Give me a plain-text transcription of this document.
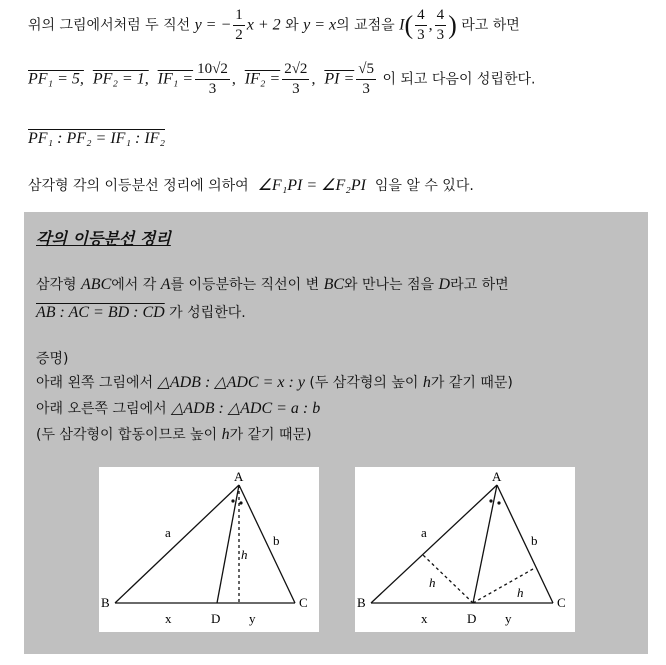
위의 그림에서처럼 두 직선 y = − $\frac{1}{2}$ x + 2 와 y = x의 교점을 $I( \frac{4}{3}$ , $\frac{4}{3}$ ) 라고 하면
PF₁ = 5, PF₂ = 1, $IF_1 = \frac{10√2}{3}$ , $IF_2 = \frac{2√2}{3}$ , PI = $\frac{√5}{3}$ 이 되고 다음이 성립한다.
PF₁ : PF₂ = IF₁ : IF₂
삼각형 각의 이등분선 정리에 의하여 ∠F₁PI = ∠F₂PI 임을 알 수 있다.
각의 이등분선 정리
삼각형 ABC에서 각 A를 이등분하는 직선이 변 BC와 만나는 점을 D라고 하면
AB : AC = BD : CD 가 성립한다.
증명)
아래 왼쪽 그림에서 △ADB : △ADC = x : y (두 삼각형의 높이 h가 같기 때문)
아래 오른쪽 그림에서 △ADB : △ADC = a : b
(두 삼각형이 합동이므로 높이 h가 같기 때문)
A
B	C
D
a
b
h
x	y
A
B	C
D
a
b
h
h
x	y
